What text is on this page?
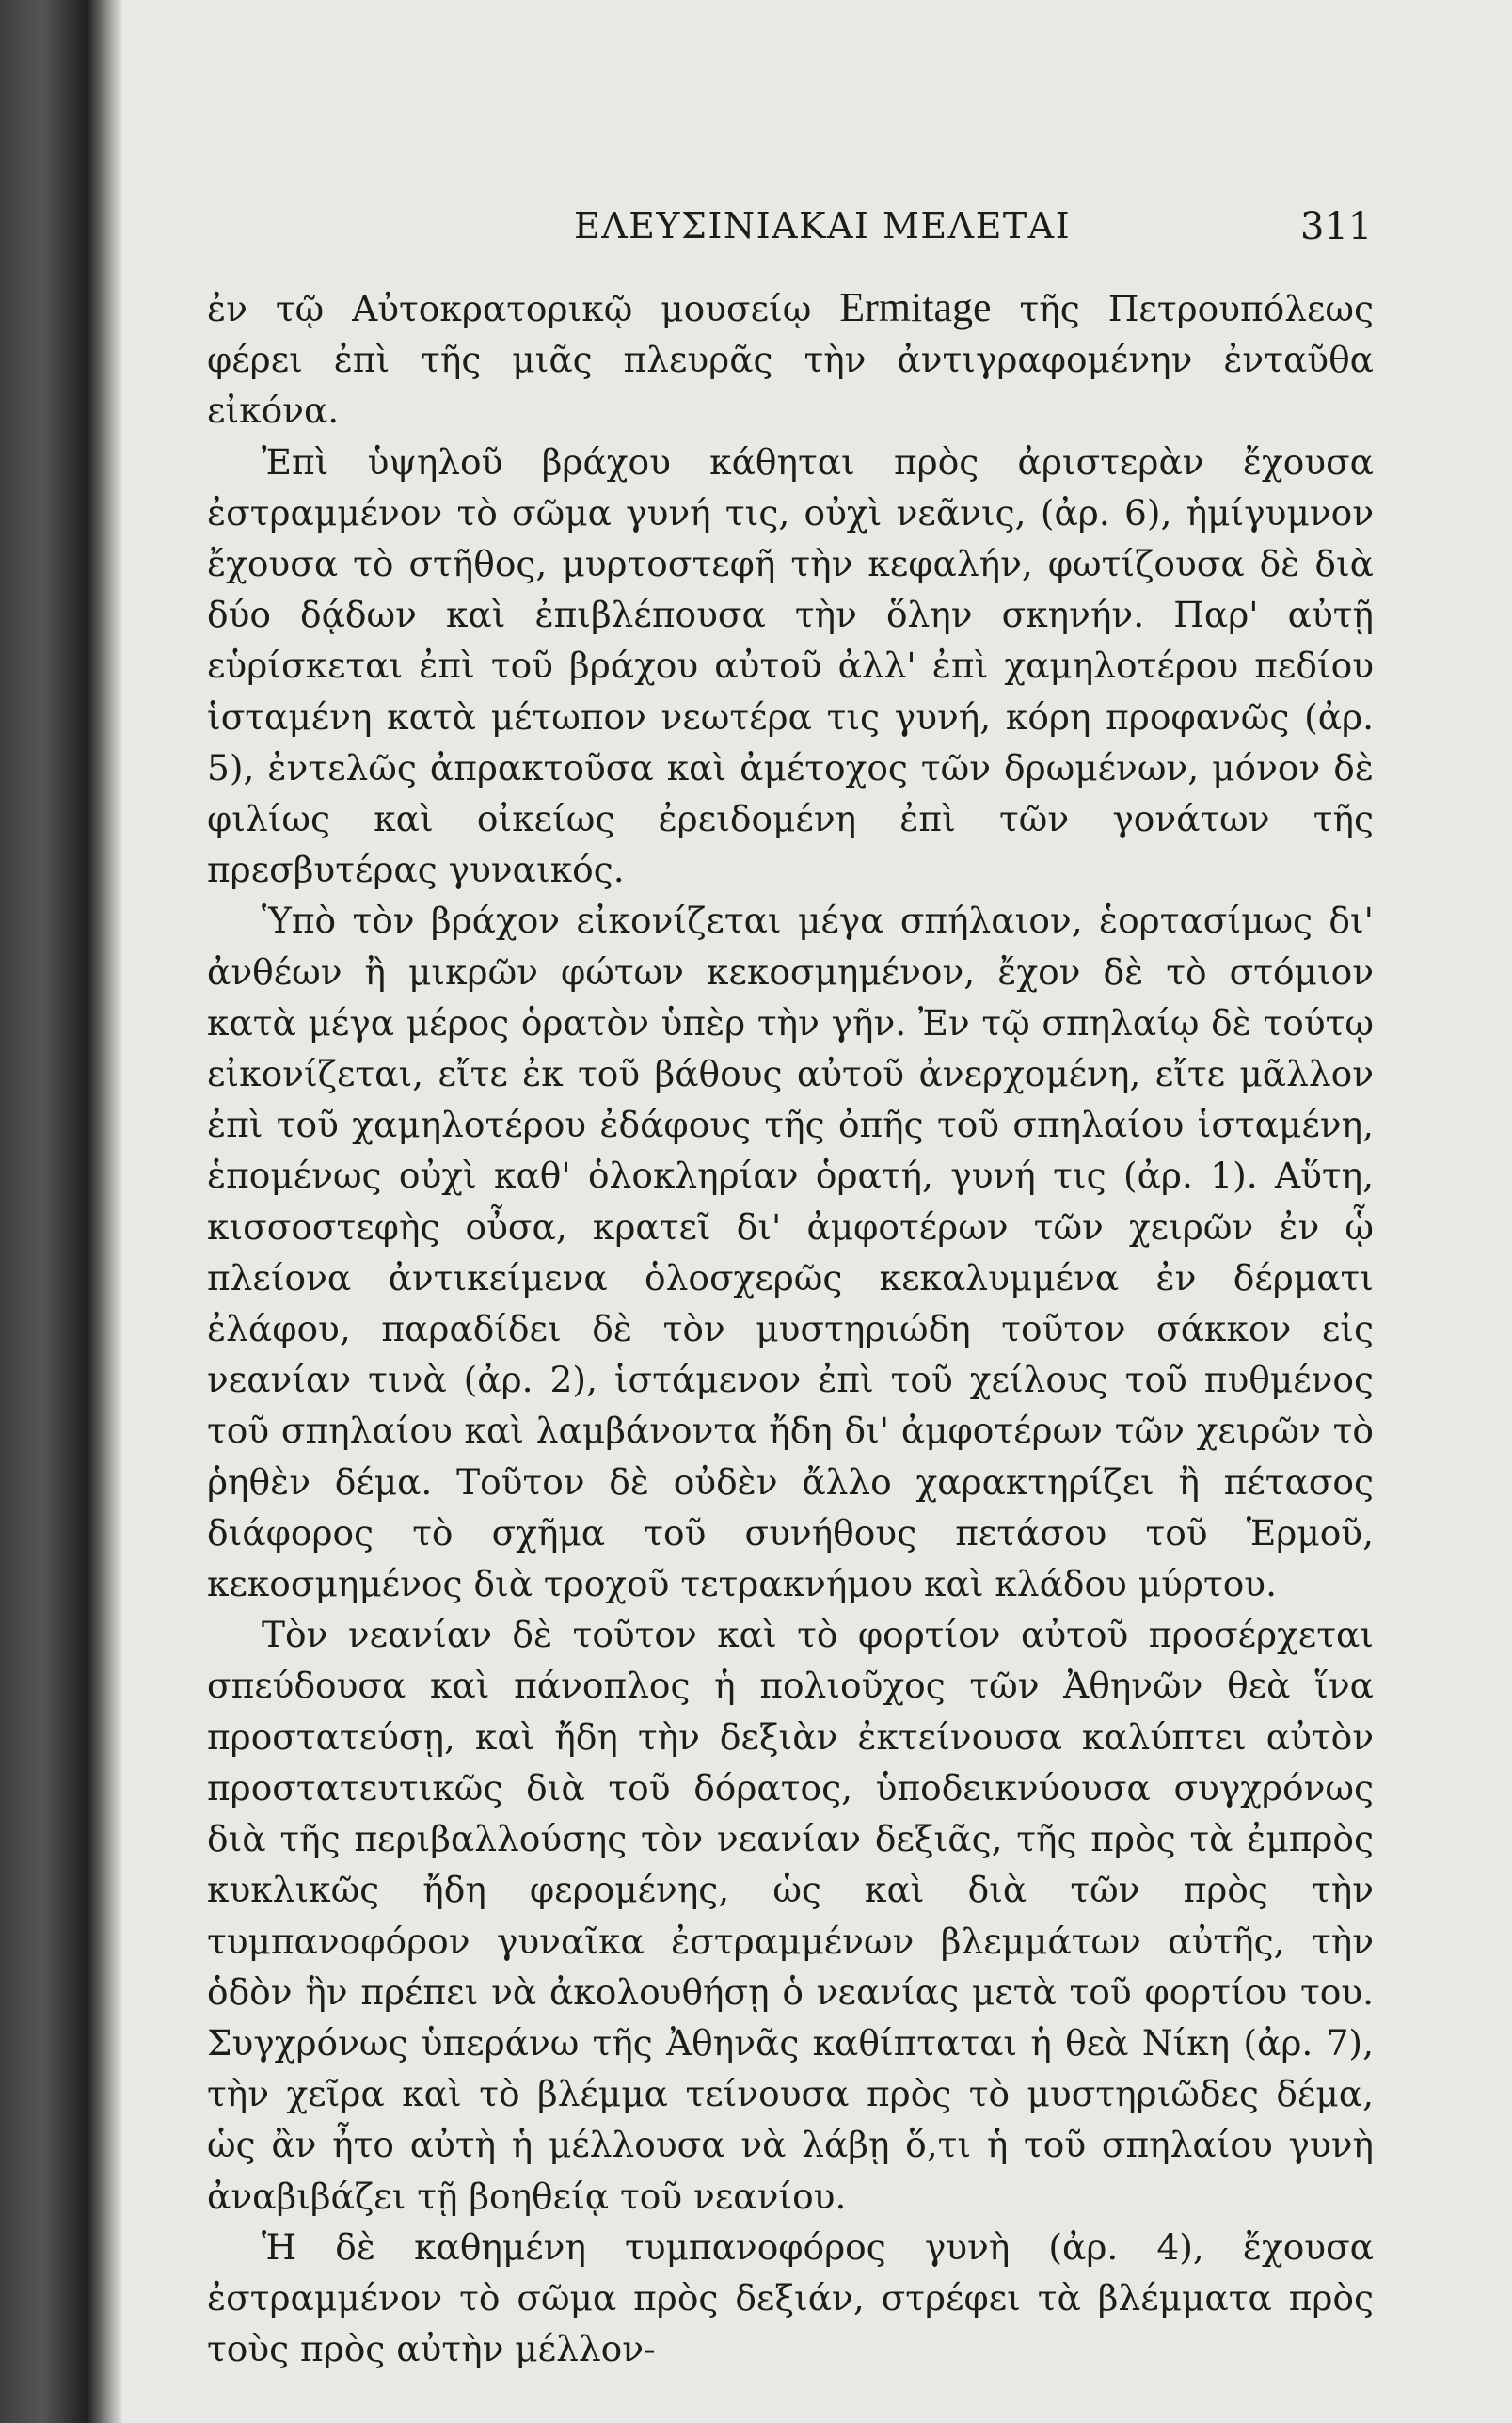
ΕΛΕΥΣΙΝΙΑΚΑΙ ΜΕΛΕΤΑΙ	311

ἐν τῷ Αὐτοκρατορικῷ μουσείῳ Ermitage τῆς Πετρουπόλεως φέρει ἐπὶ τῆς μιᾶς πλευρᾶς τὴν ἀντιγραφομένην ἐνταῦθα εἰκόνα.

Ἐπὶ ὑψηλοῦ βράχου κάθηται πρὸς ἀριστερὰν ἔχουσα ἐστραμμένον τὸ σῶμα γυνή τις, οὐχὶ νεᾶνις, (ἀρ. 6), ἡμίγυμνον ἔχουσα τὸ στῆθος, μυρτοστεφῆ τὴν κεφαλήν, φωτίζουσα δὲ διὰ δύο δᾴδων καὶ ἐπιβλέπουσα τὴν ὅλην σκηνήν. Παρ' αὐτῇ εὑρίσκεται ἐπὶ τοῦ βράχου αὐτοῦ ἀλλ' ἐπὶ χαμηλοτέρου πεδίου ἱσταμένη κατὰ μέτωπον νεωτέρα τις γυνή, κόρη προφανῶς (ἀρ. 5), ἐντελῶς ἀπρακτοῦσα καὶ ἀμέτοχος τῶν δρωμένων, μόνον δὲ φιλίως καὶ οἰκείως ἐρειδομένη ἐπὶ τῶν γονάτων τῆς πρεσβυτέρας γυναικός.

Ὑπὸ τὸν βράχον εἰκονίζεται μέγα σπήλαιον, ἑορτασίμως δι' ἀνθέων ἢ μικρῶν φώτων κεκοσμημένον, ἔχον δὲ τὸ στόμιον κατὰ μέγα μέρος ὁρατὸν ὑπὲρ τὴν γῆν. Ἐν τῷ σπηλαίῳ δὲ τούτῳ εἰκονίζεται, εἴτε ἐκ τοῦ βάθους αὐτοῦ ἀνερχομένη, εἴτε μᾶλλον ἐπὶ τοῦ χαμηλοτέρου ἐδάφους τῆς ὀπῆς τοῦ σπηλαίου ἱσταμένη, ἑπομένως οὐχὶ καθ' ὁλοκληρίαν ὁρατή, γυνή τις (ἀρ. 1). Αὕτη, κισσοστεφὴς οὖσα, κρατεῖ δι' ἀμφοτέρων τῶν χειρῶν ἐν ᾧ πλείονα ἀντικείμενα ὁλοσχερῶς κεκαλυμμένα ἐν δέρματι ἐλάφου, παραδίδει δὲ τὸν μυστηριώδη τοῦτον σάκκον εἰς νεανίαν τινὰ (ἀρ. 2), ἱστάμενον ἐπὶ τοῦ χείλους τοῦ πυθμένος τοῦ σπηλαίου καὶ λαμβάνοντα ἤδη δι' ἀμφοτέρων τῶν χειρῶν τὸ ῥηθὲν δέμα. Τοῦτον δὲ οὐδὲν ἄλλο χαρακτηρίζει ἢ πέτασος διάφορος τὸ σχῆμα τοῦ συνήθους πετάσου τοῦ Ἑρμοῦ, κεκοσμημένος διὰ τροχοῦ τετρακνήμου καὶ κλάδου μύρτου.

Τὸν νεανίαν δὲ τοῦτον καὶ τὸ φορτίον αὐτοῦ προσέρχεται σπεύδουσα καὶ πάνοπλος ἡ πολιοῦχος τῶν Ἀθηνῶν θεὰ ἵνα προστατεύσῃ, καὶ ἤδη τὴν δεξιὰν ἐκτείνουσα καλύπτει αὐτὸν προστατευτικῶς διὰ τοῦ δόρατος, ὑποδεικνύουσα συγχρόνως διὰ τῆς περιβαλλούσης τὸν νεανίαν δεξιᾶς, τῆς πρὸς τὰ ἐμπρὸς κυκλικῶς ἤδη φερομένης, ὡς καὶ διὰ τῶν πρὸς τὴν τυμπανοφόρον γυναῖκα ἐστραμμένων βλεμμάτων αὐτῆς, τὴν ὁδὸν ἣν πρέπει νὰ ἀκολουθήσῃ ὁ νεανίας μετὰ τοῦ φορτίου του. Συγχρόνως ὑπεράνω τῆς Ἀθηνᾶς καθίπταται ἡ θεὰ Νίκη (ἀρ. 7), τὴν χεῖρα καὶ τὸ βλέμμα τείνουσα πρὸς τὸ μυστηριῶδες δέμα, ὡς ἂν ἦτο αὐτὴ ἡ μέλλουσα νὰ λάβῃ ὅ,τι ἡ τοῦ σπηλαίου γυνὴ ἀναβιβάζει τῇ βοηθείᾳ τοῦ νεανίου.

Ἡ δὲ καθημένη τυμπανοφόρος γυνὴ (ἀρ. 4), ἔχουσα ἐστραμμένον τὸ σῶμα πρὸς δεξιάν, στρέφει τὰ βλέμματα πρὸς τοὺς πρὸς αὐτὴν μέλλον-
